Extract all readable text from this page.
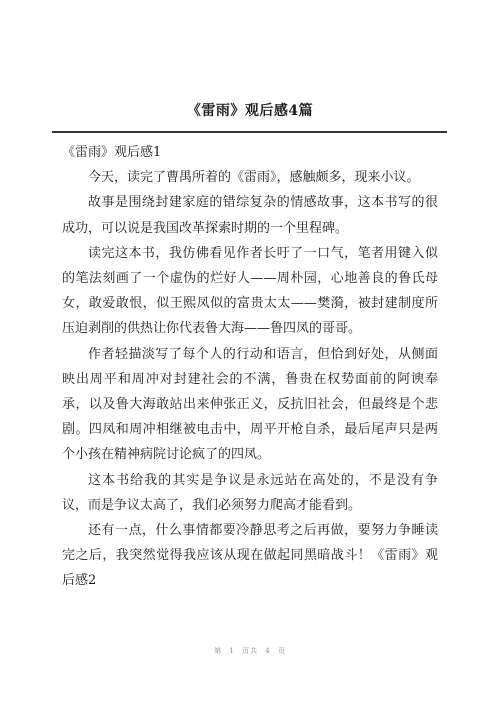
《雷雨》观后感4篇

《雷雨》观后感1

今天，读完了曹禺所着的《雷雨》，感触颇多，现来小议。

故事是围绕封建家庭的错综复杂的情感故事，这本书写的很成功，可以说是我国改革探索时期的一个里程碑。

读完这本书，我仿佛看见作者长吁了一口气，笔者用键入似的笔法刻画了一个虚伪的烂好人——周朴园，心地善良的鲁氏母女，敢爱敢恨，似王熙凤似的富贵太太——樊漪，被封建制度所压迫剥削的供热让你代表鲁大海——鲁四凤的哥哥。

作者轻描淡写了每个人的行动和语言，但恰到好处，从侧面映出周平和周冲对封建社会的不满，鲁贵在权势面前的阿谀奉承，以及鲁大海敢站出来伸张正义，反抗旧社会，但最终是个悲剧。四凤和周冲相继被电击中，周平开枪自杀，最后尾声只是两个小孩在精神病院讨论疯了的四凤。

这本书给我的其实是争议是永远站在高处的，不是没有争议，而是争议太高了，我们必须努力爬高才能看到。

还有一点，什么事情都要冷静思考之后再做，要努力争睡读完之后，我突然觉得我应该从现在做起同黑暗战斗！《雷雨》观后感2

第 1 页共 4 页
